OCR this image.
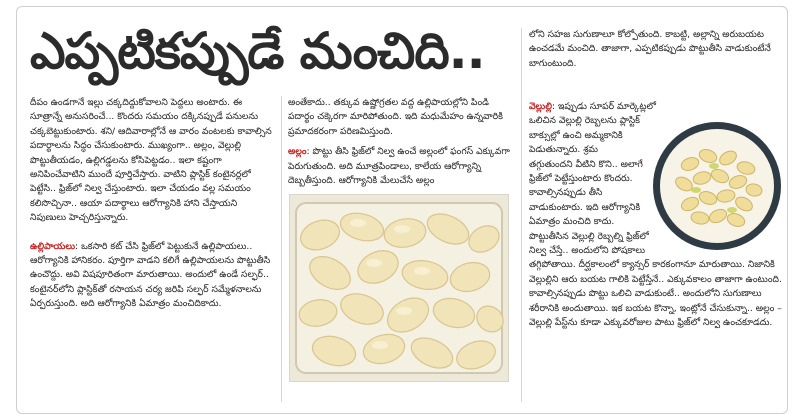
ఎప్పటికప్పుడే మంచిది..

దీపం ఉండగానే ఇల్లు చక్కదిద్దుకోవాలని పెద్దలు అంటారు. ఈ సూత్రాన్నే అనుసరించే... కొందరు సమయం దక్కినప్పుడే పనులను చక్కబెట్టుకుంటారు. శని/ ఆదివారాల్లోనే ఆ వారం వంటలకు కావాల్సిన పదార్థాలను సిద్ధం చేసుకుంటారు. ముఖ్యంగా.. అల్లం, వెల్లుల్లి పొట్టుతీయడం, ఉల్లిగడ్డలను కోసిపెట్టడం.. ఇలా కష్టంగా అనిపించేవాటిని ముందే పూర్తిచేస్తారు. వాటిని ప్లాస్టిక్ కంటైనర్లలో పెట్టేసి.. ఫ్రిజ్‌లో నిల్వ చేస్తుంటారు. ఇలా చేయడం వల్ల సమయం కలిసొచ్చినా.. ఆయా పదార్థాలు ఆరోగ్యానికి హాని చేస్తాయని నిపుణులు హెచ్చరిస్తున్నారు.

ఉల్లిపాయలు: ఒకసారి కట్ చేసి ఫ్రిజ్‌లో పెట్టుకునే ఉల్లిపాయలు.. ఆరోగ్యానికి హానికరం. పూర్తిగా వాడని కలిగే ఉల్లిపాయలను పొట్టుతీసి ఉంచొద్దు. అవి విషపూరితంగా మారుతాయి. అందులో ఉండే సల్ఫర్.. కంటైనర్‌లోని ప్లాస్టిక్‌తో రసాయన చర్య జరిపి సల్ఫర్ సమ్మేళనాలను ఏర్పరుస్తుంది. అది ఆరోగ్యానికి ఏమాత్రం మంచిదికాదు.

అంతేకాదు.. తక్కువ ఉష్ణోగ్రతల వద్ద ఉల్లిపాయల్లోని పిండి పదార్థం చక్కెరగా మారిపోతుంది. ఇది మధుమేహం ఉన్నవారికి ప్రమాదకరంగా పరిణమిస్తుంది.

అల్లం: పొట్టు తీసి ఫ్రిజ్‌లో నిల్వ ఉంచే అల్లంలో ఫంగస్ ఎక్కువగా పెరుగుతుంది. అది మూత్రపిండాలు, కాలేయ ఆరోగ్యాన్ని దెబ్బతీస్తుంది. ఆరోగ్యానికి మేలుచేసే అల్లం

లోని సహజ సుగుణాలూ కోల్పోతుంది. కాబట్టి, అల్లాన్ని అరుబయట ఉంచడమే మంచిది. తాజాగా, ఎప్పటికప్పుడు పొట్టుతీసి వాడుకుంటేనే బాగుంటుంది.

వెల్లుల్లి: ఇప్పుడు సూపర్ మార్కెట్లలో ఒలిచిన వెల్లుల్లి రెబ్బలను ప్లాస్టిక్ బాక్సుల్లో ఉంచి అమ్మకానికి పెడుతున్నారు. శ్రమ తగ్గుతుందని వీటిని కొని.. అలాగే ఫ్రిజ్‌లో పెట్టేస్తుంటారు కొందరు. కావాల్సినప్పుడు తీసి వాడుకుంటారు. ఇది ఆరోగ్యానికి ఏమాత్రం మంచిది కాదు. పొట్టుతీసిన వెల్లుల్లి రెబ్బల్ని ఫ్రిజ్‌లో నిల్వ చేస్తే.. అందులోని పోషకాలు తగ్గిపోతాయి. దీర్ఘకాలంలో క్యాన్సర్ కారకంగానూ మారుతాయి. నిజానికి వెల్లుల్లిని ఆరు బయట గాలికి పెట్టేస్తేనే.. ఎక్కువకాలం తాజాగా ఉంటుంది. కావాల్సినప్పుడు పొట్టు ఒలిచి వాడుకుంటే.. అందులోని సుగుణాలు శరీరానికి అందుతాయి. ఇక బయట కొన్నా, ఇంట్లోనే చేసుకున్నా.. అల్లం – వెల్లుల్లి పేస్ట్‌ను కూడా ఎక్కువరోజుల పాటు ఫ్రిజ్‌లో నిల్వ ఉంచకూడదు.
